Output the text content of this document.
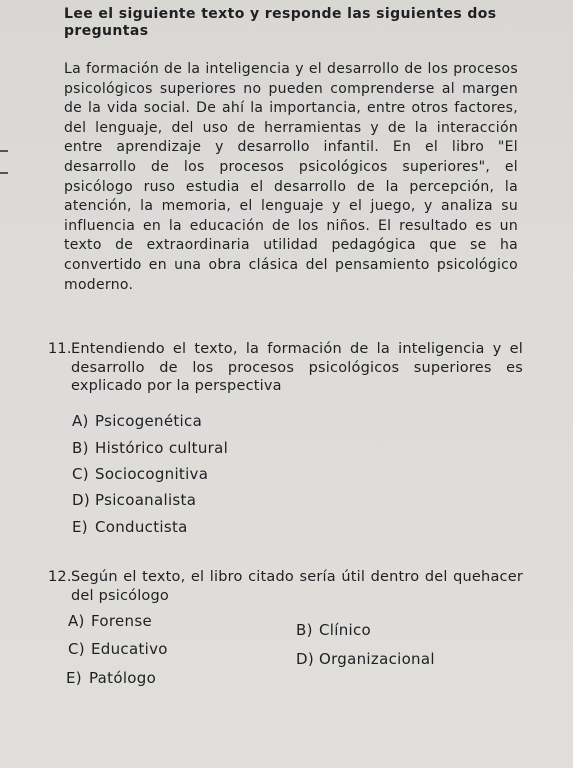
Lee el siguiente texto y responde las siguientes dos preguntas
La formación de la inteligencia y el desarrollo de los procesos psicológicos superiores no pueden comprenderse al margen de la vida social. De ahí la importancia, entre otros factores, del lenguaje, del uso de herramientas y de la interacción entre aprendizaje y desarrollo infantil. En el libro "El desarrollo de los procesos psicológicos superiores", el psicólogo ruso estudia el desarrollo de la percepción, la atención, la memoria, el lenguaje y el juego, y analiza su influencia en la educación de los niños. El resultado es un texto de extraordinaria utilidad pedagógica que se ha convertido en una obra clásica del pensamiento psicológico moderno.
11. Entendiendo el texto, la formación de la inteligencia y el desarrollo de los procesos psicológicos superiores es explicado por la perspectiva
A) Psicogenética
B) Histórico cultural
C) Sociocognitiva
D) Psicoanalista
E) Conductista
12. Según el texto, el libro citado sería útil dentro del quehacer del psicólogo
A) Forense	B) Clínico
C) Educativo
D) Organizacional
E) Patólogo
